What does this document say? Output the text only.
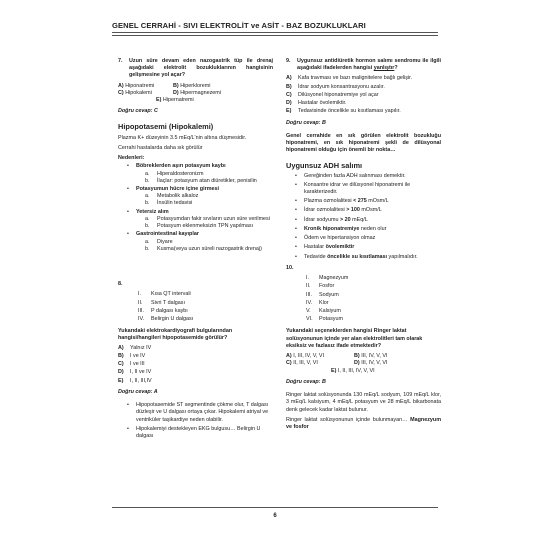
GENEL CERRAHİ - SIVI ELEKTROLİT ve ASİT - BAZ BOZUKLUKLARI
7.	Uzun süre devam eden nazogastrik tüp ile drenaj aşağıdaki elektrolit bozukluklarının hangisinin gelişmesine yol açar?
A) Hiponatremi	B) Hiperkloremi
C) Hipokalemi	D) Hipermagnezemi
E) Hipernatremi
Doğru cevap: C
Hipopotasemi (Hipokalemi)
Plazma K+ düzeyinin 3.5 mEq/L'nin altına düşmesidir.
Cerrahi hastalarda daha sık görülür
Nedenleri:
•	Böbreklerden aşırı potasyum kaybı
a.	Hiperaldosteronizm
b.	İlaçlar: potasyum atan diüretikler, penisilin
•	Potasyumun hücre içine girmesi
a.	Metabolik alkaloz
b.	İnsülin tedavisi
•	Yetersiz alım
a.	Potasyumdan fakir sıvıların uzun süre verilmesi
b.	Potasyum eklenmeksizin TPN yapılması
•	Gastrointestinal kayıplar
a.	Diyare
b.	Kusma(veya uzun süreli nazogastrik drenaj)
8.
I.	Kısa QT intervali
II.	Sivri T dalgası
III.	P dalgası kaybı
IV.	Belirgin U dalgası
Yukarıdaki elektrokardiyografi bulgularından hangisi/hangileri hipopotasemide görülür?
A)	Yalnız IV
B)	I ve IV
C)	I ve III
D)	I, II ve IV
E)	I, II, III,IV
Doğru cevap: A
•	Hipopotasemide ST segmentinde çökme olur, T dalgası düzleşir ve U dalgası ortaya çıkar. Hipokalemi atriyal ve ventriküler taşikardiye neden olabilir.
•	Hipokalemiyi destekleyen EKG bulgusu… Belirgin U dalgası
9.	Uygunsuz antidiüretik hormon salımı sendromu ile ilgili aşağıdaki ifadelerden hangisi yanlıştır?
A)	Kafa travması ve bazı malignitelere bağlı gelişir.
B)	İdrar sodyum konsantrasyonu azalır.
C)	Dilüsyonel hiponatremiye yol açar
D)	Hastalar övolemiktir.
E)	Tedavisinde öncelikle su kısıtlaması yapılır.
Doğru cevap: B
Genel cerrahide en sık görülen elektrolit bozukluğu hiponatremi, en sık hiponatremi şekli de dilüsyonal hiponatremi olduğu için önemli bir nokta…
Uygunsuz ADH salımı
•	Gereğinden fazla ADH salınması demektir.
•	Konsantre idrar ve dilüsyonel hiponatremi ile karakterizedir.
•	Plazma ozmolalitesi < 275 mOsm/L
•	İdrar ozmolalitesi > 100 mOsm/L
•	İdrar sodyumu > 20 mEq/L
•	Kronik hiponatremiye neden olur
•	Ödem ve hipertansiyon olmaz
•	Hastalar övolemiktir
•	Tedavide öncelikle su kısıtlaması yapılmalıdır.
10.
I.	Magnezyum
II.	Fosfor
III.	Sodyum
IV.	Klor
V.	Kalsiyum
VI.	Potasyum
Yukarıdaki seçeneklerden hangisi Ringer laktat solüsyonunun içinde yer alan elektrolitleri tam olarak eksiksiz ve fazlasız ifade etmektedir?
A) I, III, IV, V, VI	B) III, IV, V, VI
C) II, III, V, VI	D) III, IV, V, VI
E) I, II, III, IV, V, VI
Doğru cevap: B
Ringer laktat solüsyonunda 130 mEq/L sodyum, 109 mEq/L klor, 3 mEq/L kalsiyum, 4 mEq/L potasyum ve 28 mEq/L bikarbonata denk gelecek kadar laktat bulunur.
Ringer laktat solüsyonunun içinde bulunmayan… Magnezyum ve fosfor
6
